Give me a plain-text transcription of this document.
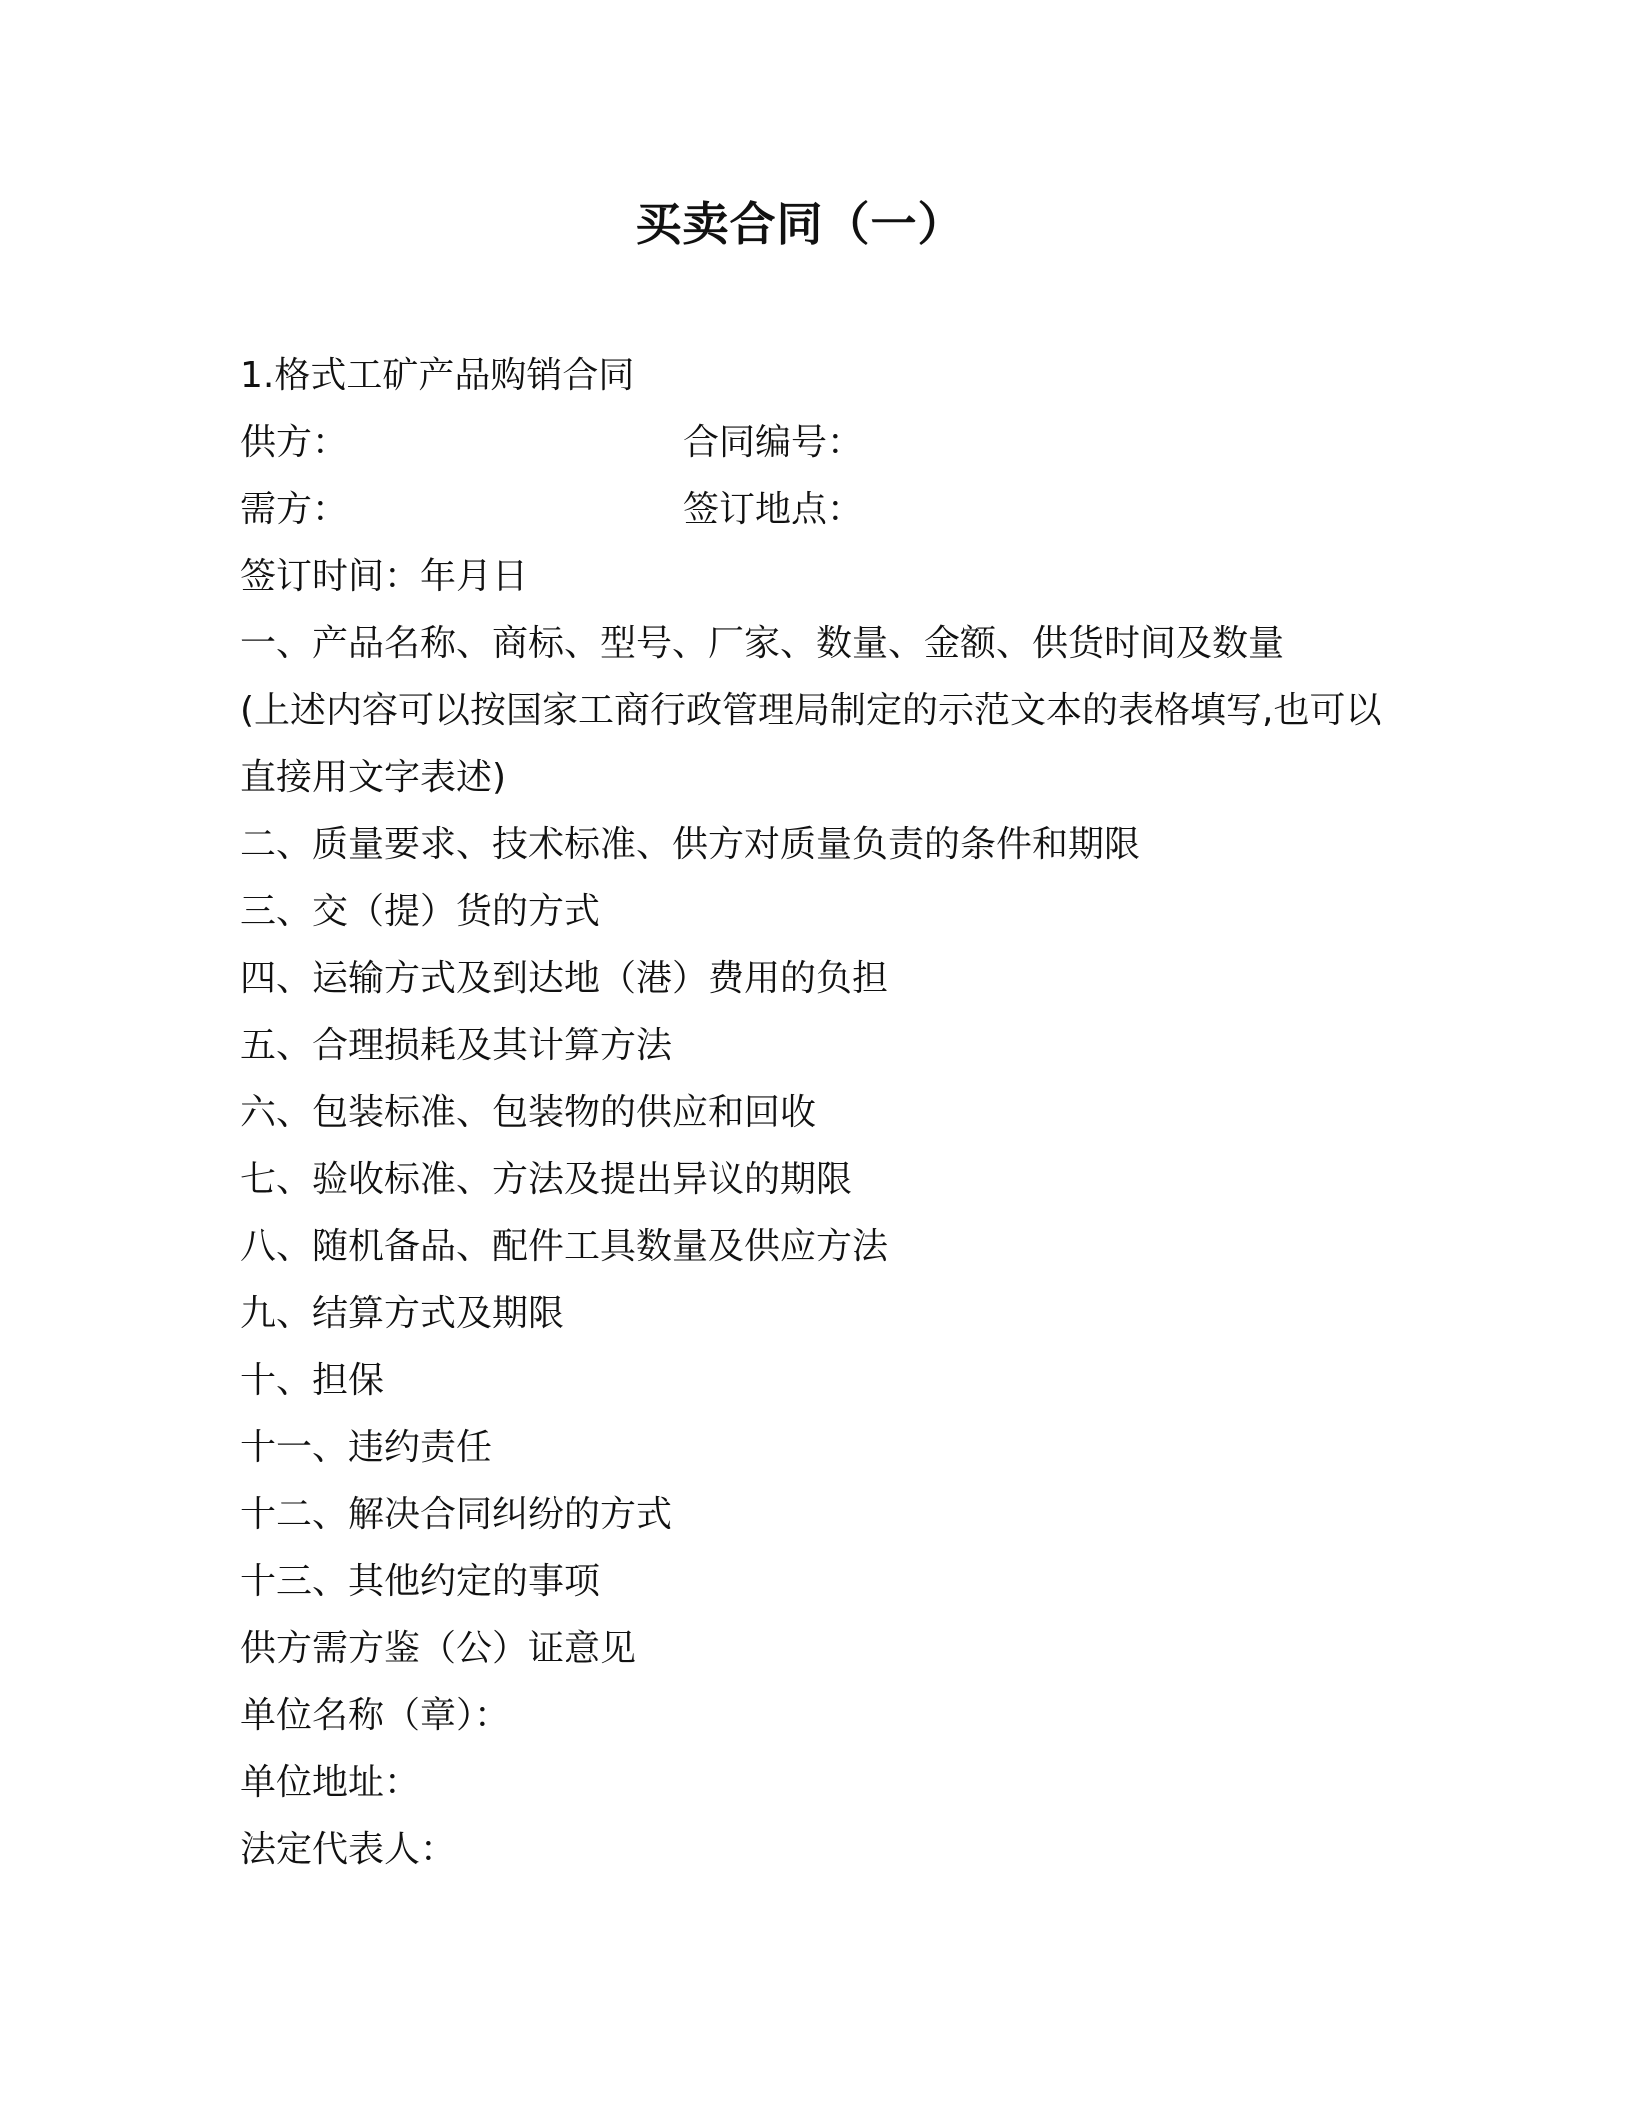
买卖合同（一）
1.格式工矿产品购销合同
供方：	合同编号：
需方：	签订地点：
签订时间：年月日
一、产品名称、商标、型号、厂家、数量、金额、供货时间及数量
(上述内容可以按国家工商行政管理局制定的示范文本的表格填写,也可以直接用文字表述)
二、质量要求、技术标准、供方对质量负责的条件和期限
三、交（提）货的方式
四、运输方式及到达地（港）费用的负担
五、合理损耗及其计算方法
六、包装标准、包装物的供应和回收
七、验收标准、方法及提出异议的期限
八、随机备品、配件工具数量及供应方法
九、结算方式及期限
十、担保
十一、违约责任
十二、解决合同纠纷的方式
十三、其他约定的事项
供方需方鉴（公）证意见
单位名称（章）：
单位地址：
法定代表人：
